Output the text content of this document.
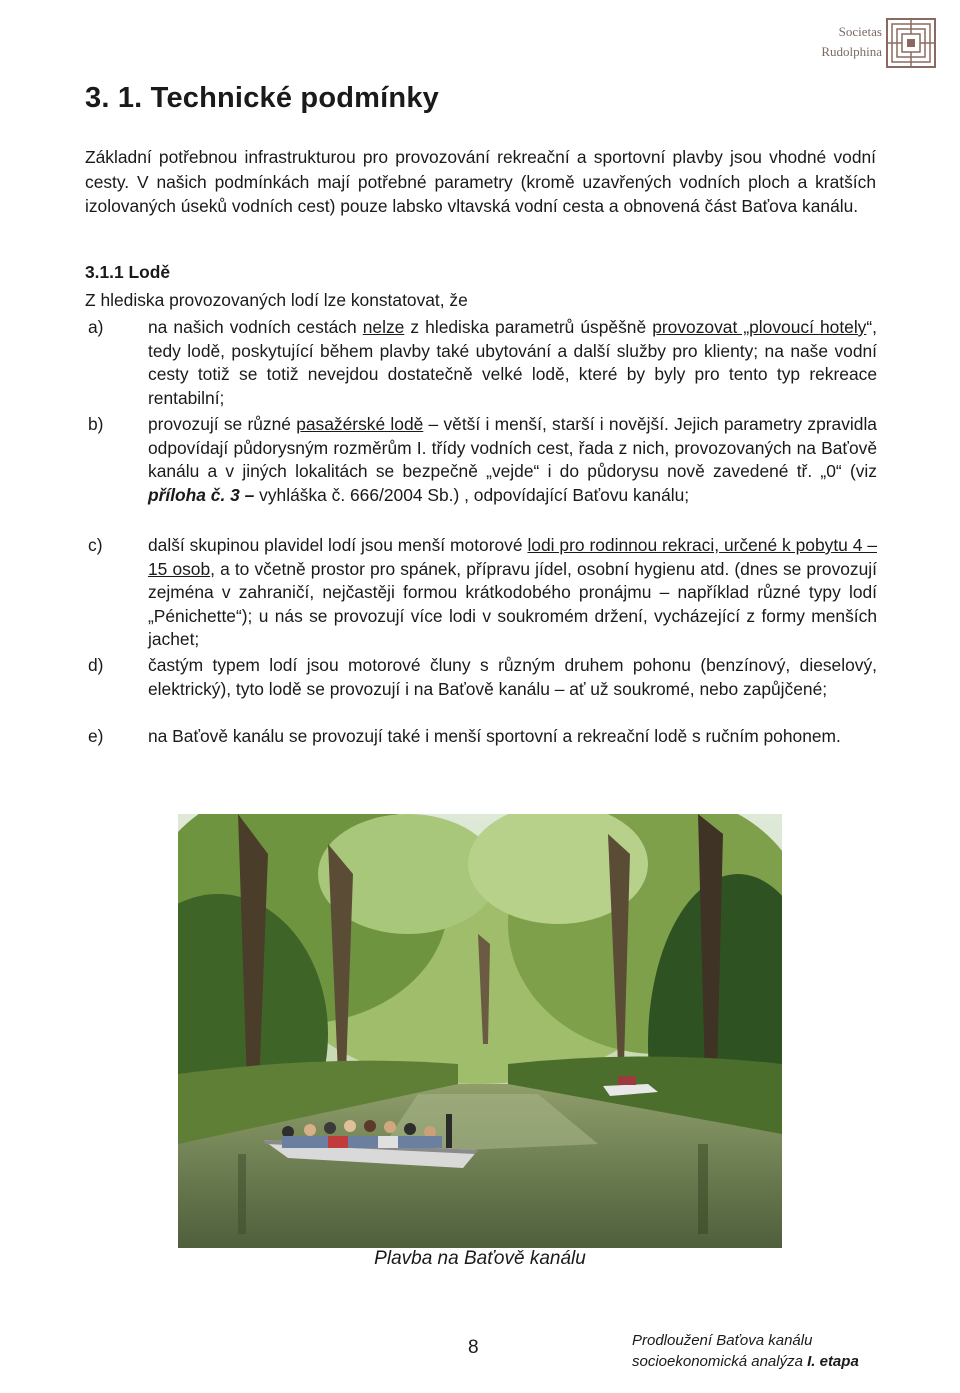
Societas
Rudolphina
3. 1. Technické podmínky

Základní potřebnou infrastrukturou pro provozování rekreační a sportovní plavby jsou vhodné vodní cesty. V našich podmínkách mají potřebné parametry (kromě uzavřených vodních ploch a kratších izolovaných úseků vodních cest) pouze labsko vltavská vodní cesta a obnovená část Baťova kanálu.

3.1.1 Lodě

Z hlediska provozovaných lodí lze konstatovat, že

a)	na našich vodních cestách nelze z hlediska parametrů úspěšně provozovat „plovoucí hotely“, tedy lodě, poskytující během plavby také ubytování a další služby pro klienty; na naše vodní cesty totiž se totiž nevejdou dostatečně velké lodě, které by byly pro tento typ rekreace rentabilní;

b)	provozují se různé pasažérské lodě – větší i menší, starší i novější. Jejich parametry zpravidla odpovídají půdorysným rozměrům I. třídy vodních cest, řada z nich, provozovaných na Baťově kanálu a v jiných lokalitách se bezpečně „vejde“ i do půdorysu nově zavedené tř. „0“ (viz příloha č. 3 – vyhláška č. 666/2004 Sb.) , odpovídající Baťovu kanálu;

c)	další skupinou plavidel lodí jsou menší motorové lodi pro rodinnou rekraci, určené k pobytu 4 – 15 osob, a to včetně prostor pro spánek, přípravu jídel, osobní hygienu atd. (dnes se provozují zejména v zahraničí, nejčastěji formou krátkodobého pronájmu – například různé typy lodí „Pénichette“); u nás se provozují více lodi v soukromém držení, vycházející z formy menších jachet;

d)	častým typem lodí jsou motorové čluny s různým druhem pohonu (benzínový, dieselový, elektrický), tyto lodě se provozují i na Baťově kanálu – ať už soukromé, nebo zapůjčené;

e)	na Baťově kanálu se provozují také i menší sportovní a rekreační lodě s ručním pohonem.

Plavba na Baťově kanálu
8	Prodloužení Baťova kanálu
socioekonomická analýza I. etapa
